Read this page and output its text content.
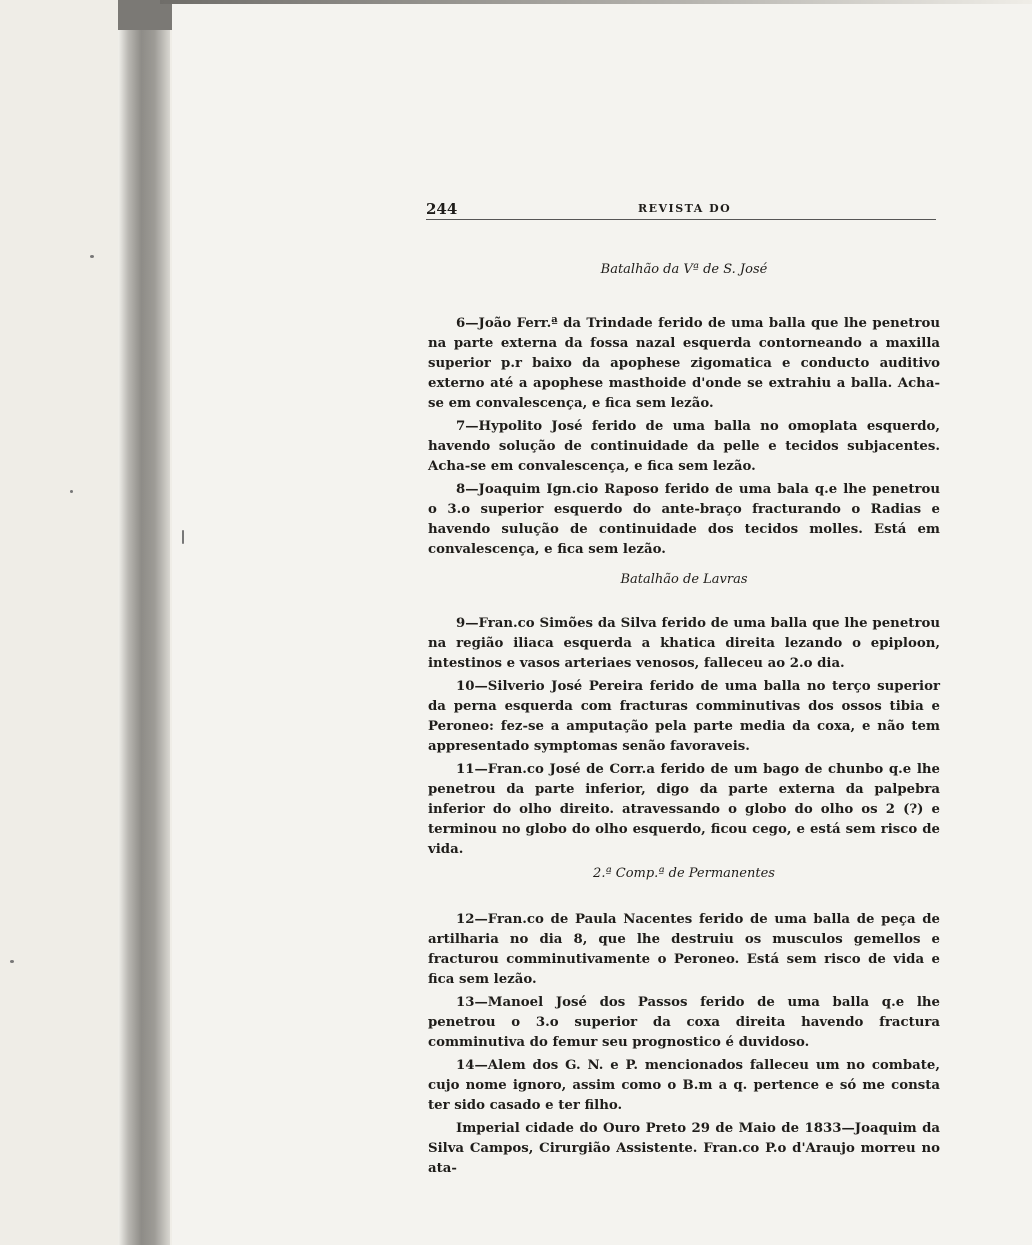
244	REVISTA DO
Batalhão da Vª de S. José

6—João Ferr.ª da Trindade ferido de uma balla que lhe penetrou na parte externa da fossa nazal esquerda contorneando a maxilla superior p.r baixo da apophese zigomatica e conducto auditivo externo até a apophese masthoide d'onde se extrahiu a balla. Acha-se em convalescença, e fica sem lezão.

7—Hypolito José ferido de uma balla no omoplata esquerdo, havendo solução de continuidade da pelle e tecidos subjacentes. Acha-se em convalescença, e fica sem lezão.

8—Joaquim Ign.cio Raposo ferido de uma bala q.e lhe penetrou o 3.o superior esquerdo do ante-braço fracturando o Radias e havendo sulução de continuidade dos tecidos molles. Está em convalescença, e fica sem lezão.

Batalhão de Lavras

9—Fran.co Simões da Silva ferido de uma balla que lhe penetrou na região iliaca esquerda a khatica direita lezando o epiploon, intestinos e vasos arteriaes venosos, falleceu ao 2.o dia.

10—Silverio José Pereira ferido de uma balla no terço superior da perna esquerda com fracturas comminutivas dos ossos tibia e Peroneo: fez-se a amputação pela parte media da coxa, e não tem appresentado symptomas senão favoraveis.

11—Fran.co José de Corr.a ferido de um bago de chunbo q.e lhe penetrou da parte inferior, digo da parte externa da palpebra inferior do olho direito. atravessando o globo do olho os 2 (?) e terminou no globo do olho esquerdo, ficou cego, e está sem risco de vida.

2.ª Comp.ª de Permanentes

12—Fran.co de Paula Nacentes ferido de uma balla de peça de artilharia no dia 8, que lhe destruiu os musculos gemellos e fracturou comminutivamente o Peroneo. Está sem risco de vida e fica sem lezão.

13—Manoel José dos Passos ferido de uma balla q.e lhe penetrou o 3.o superior da coxa direita havendo fractura comminutiva do femur seu prognostico é duvidoso.

14—Alem dos G. N. e P. mencionados falleceu um no combate, cujo nome ignoro, assim como o B.m a q. pertence e só me consta ter sido casado e ter filho.

Imperial cidade do Ouro Preto 29 de Maio de 1833—Joaquim da Silva Campos, Cirurgião Assistente. Fran.co P.o d'Araujo morreu no ata-
